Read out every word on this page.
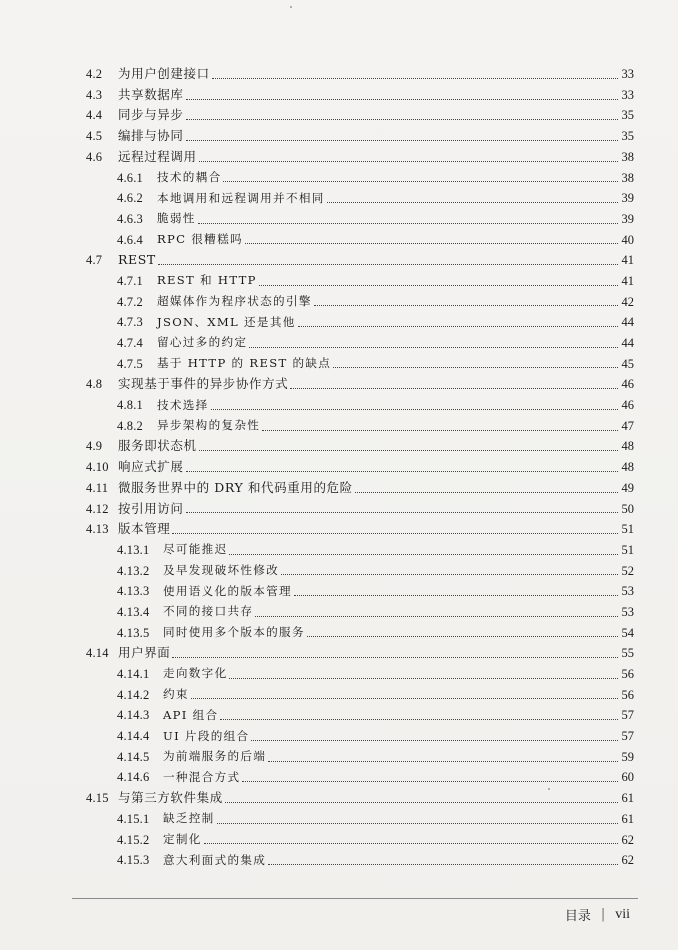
4.2	为用户创建接口	33
4.3	共享数据库	33
4.4	同步与异步	35
4.5	编排与协同	35
4.6	远程过程调用	38
4.6.1	技术的耦合	38
4.6.2	本地调用和远程调用并不相同	39
4.6.3	脆弱性	39
4.6.4	RPC 很糟糕吗	40
4.7	REST	41
4.7.1	REST 和 HTTP	41
4.7.2	超媒体作为程序状态的引擎	42
4.7.3	JSON、XML 还是其他	44
4.7.4	留心过多的约定	44
4.7.5	基于 HTTP 的 REST 的缺点	45
4.8	实现基于事件的异步协作方式	46
4.8.1	技术选择	46
4.8.2	异步架构的复杂性	47
4.9	服务即状态机	48
4.10 响应式扩展	48
4.11 微服务世界中的 DRY 和代码重用的危险	49
4.12 按引用访问	50
4.13 版本管理	51
4.13.1	尽可能推迟	51
4.13.2	及早发现破坏性修改	52
4.13.3	使用语义化的版本管理	53
4.13.4	不同的接口共存	53
4.13.5	同时使用多个版本的服务	54
4.14 用户界面	55
4.14.1	走向数字化	56
4.14.2	约束	56
4.14.3	API 组合	57
4.14.4	UI 片段的组合	57
4.14.5	为前端服务的后端	59
4.14.6	一种混合方式	60
4.15 与第三方软件集成	61
4.15.1	缺乏控制	61
4.15.2	定制化	62
4.15.3	意大利面式的集成	62
目录 | vii
